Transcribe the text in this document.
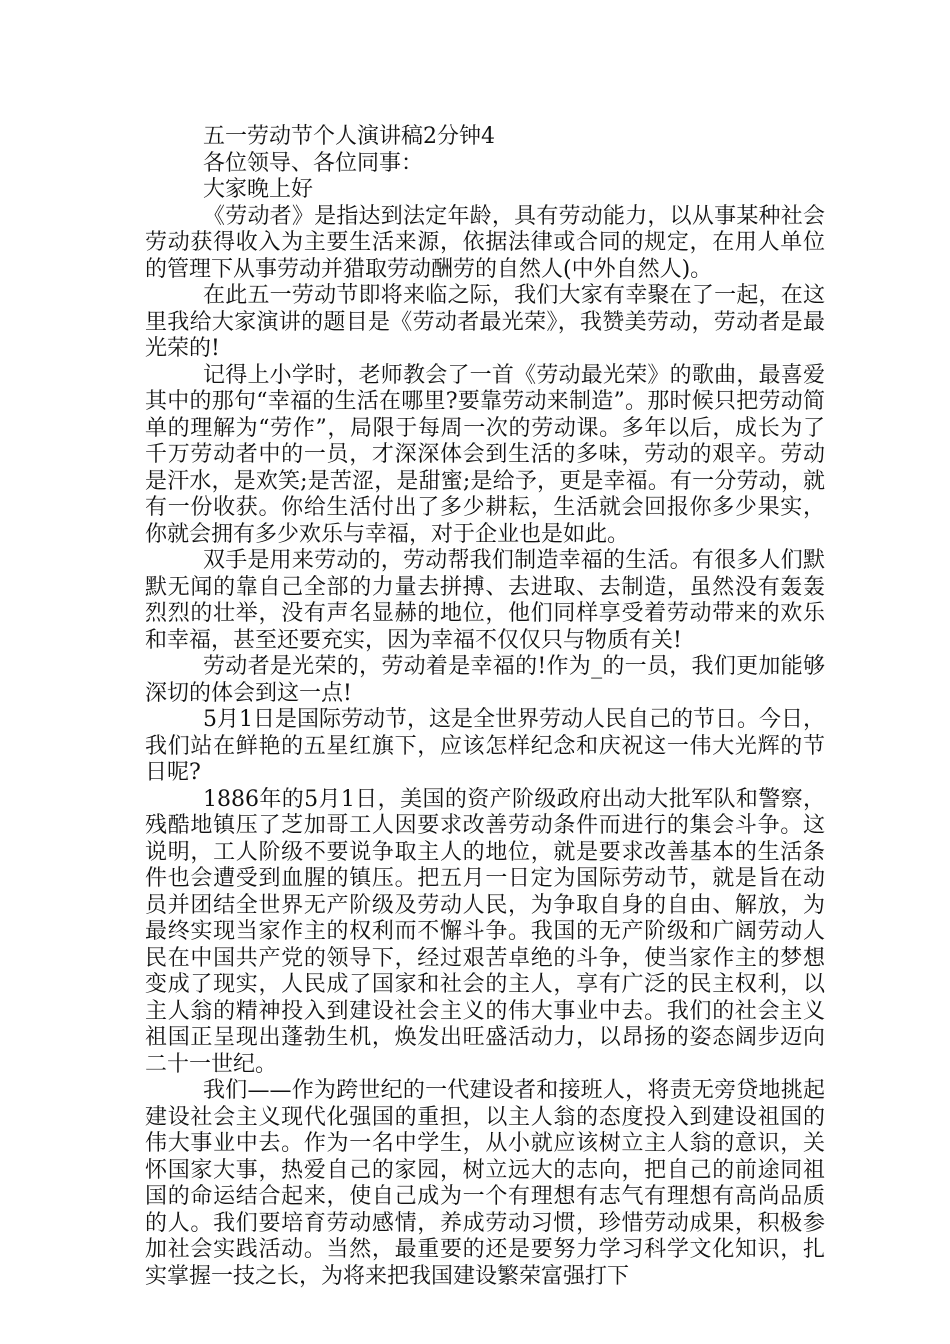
五一劳动节个人演讲稿2分钟4

各位领导、各位同事：

大家晚上好

《劳动者》是指达到法定年龄，具有劳动能力，以从事某种社会劳动获得收入为主要生活来源，依据法律或合同的规定，在用人单位的管理下从事劳动并猎取劳动酬劳的自然人(中外自然人)。

在此五一劳动节即将来临之际，我们大家有幸聚在了一起，在这里我给大家演讲的题目是《劳动者最光荣》，我赞美劳动，劳动者是最光荣的!

记得上小学时，老师教会了一首《劳动最光荣》的歌曲，最喜爱其中的那句“幸福的生活在哪里?要靠劳动来制造”。那时候只把劳动简单的理解为“劳作”，局限于每周一次的劳动课。多年以后，成长为了千万劳动者中的一员，才深深体会到生活的多味，劳动的艰辛。劳动是汗水，是欢笑;是苦涩，是甜蜜;是给予，更是幸福。有一分劳动，就有一份收获。你给生活付出了多少耕耘，生活就会回报你多少果实，你就会拥有多少欢乐与幸福，对于企业也是如此。

双手是用来劳动的，劳动帮我们制造幸福的生活。有很多人们默默无闻的靠自己全部的力量去拼搏、去进取、去制造，虽然没有轰轰烈烈的壮举，没有声名显赫的地位，他们同样享受着劳动带来的欢乐和幸福，甚至还要充实，因为幸福不仅仅只与物质有关!

劳动者是光荣的，劳动着是幸福的!作为_的一员，我们更加能够深切的体会到这一点!

5月1日是国际劳动节，这是全世界劳动人民自己的节日。今日，我们站在鲜艳的五星红旗下，应该怎样纪念和庆祝这一伟大光辉的节日呢?

1886年的5月1日，美国的资产阶级政府出动大批军队和警察，残酷地镇压了芝加哥工人因要求改善劳动条件而进行的集会斗争。这说明，工人阶级不要说争取主人的地位，就是要求改善基本的生活条件也会遭受到血腥的镇压。把五月一日定为国际劳动节，就是旨在动员并团结全世界无产阶级及劳动人民，为争取自身的自由、解放，为最终实现当家作主的权利而不懈斗争。我国的无产阶级和广阔劳动人民在中国共产党的领导下，经过艰苦卓绝的斗争，使当家作主的梦想变成了现实，人民成了国家和社会的主人，享有广泛的民主权利，以主人翁的精神投入到建设社会主义的伟大事业中去。我们的社会主义祖国正呈现出蓬勃生机，焕发出旺盛活动力，以昂扬的姿态阔步迈向二十一世纪。

我们——作为跨世纪的一代建设者和接班人，将责无旁贷地挑起建设社会主义现代化强国的重担，以主人翁的态度投入到建设祖国的伟大事业中去。作为一名中学生，从小就应该树立主人翁的意识，关怀国家大事，热爱自己的家园，树立远大的志向，把自己的前途同祖国的命运结合起来，使自己成为一个有理想有志气有理想有高尚品质的人。我们要培育劳动感情，养成劳动习惯，珍惜劳动成果，积极参加社会实践活动。当然，最重要的还是要努力学习科学文化知识，扎实掌握一技之长，为将来把我国建设繁荣富强打下
